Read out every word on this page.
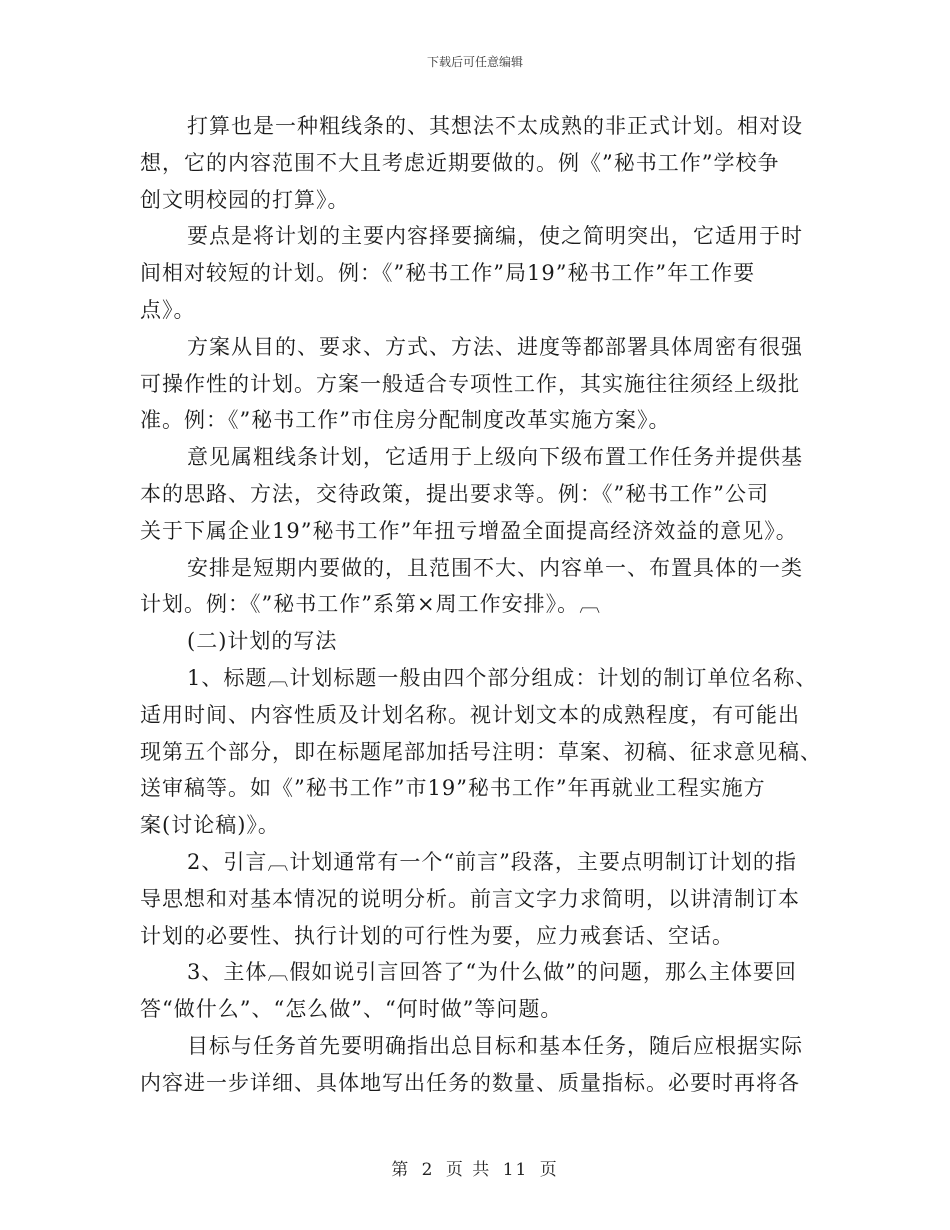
下载后可任意编辑
打算也是一种粗线条的、其想法不太成熟的非正式计划。相对设
想，它的内容范围不大且考虑近期要做的。例《”秘书工作”学校争
创文明校园的打算》。
要点是将计划的主要内容择要摘编，使之简明突出，它适用于时
间相对较短的计划。例：《”秘书工作”局19”秘书工作”年工作要
点》。
方案从目的、要求、方式、方法、进度等都部署具体周密有很强
可操作性的计划。方案一般适合专项性工作，其实施往往须经上级批
准。例：《”秘书工作”市住房分配制度改革实施方案》。
意见属粗线条计划，它适用于上级向下级布置工作任务并提供基
本的思路、方法，交待政策，提出要求等。例：《”秘书工作”公司
关于下属企业19”秘书工作”年扭亏增盈全面提高经济效益的意见》。
安排是短期内要做的，且范围不大、内容单一、布置具体的一类
计划。例：《”秘书工作”系第×周工作安排》。︹
(二)计划的写法
1、标题︹计划标题一般由四个部分组成：计划的制订单位名称、
适用时间、内容性质及计划名称。视计划文本的成熟程度，有可能出
现第五个部分，即在标题尾部加括号注明：草案、初稿、征求意见稿、
送审稿等。如《”秘书工作”市19”秘书工作”年再就业工程实施方
案(讨论稿)》。
2、引言︹计划通常有一个“前言”段落，主要点明制订计划的指
导思想和对基本情况的说明分析。前言文字力求简明，以讲清制订本
计划的必要性、执行计划的可行性为要，应力戒套话、空话。
3、主体︹假如说引言回答了“为什么做”的问题，那么主体要回
答“做什么”、“怎么做”、“何时做”等问题。
目标与任务首先要明确指出总目标和基本任务，随后应根据实际
内容进一步详细、具体地写出任务的数量、质量指标。必要时再将各
第 2 页 共 11 页
